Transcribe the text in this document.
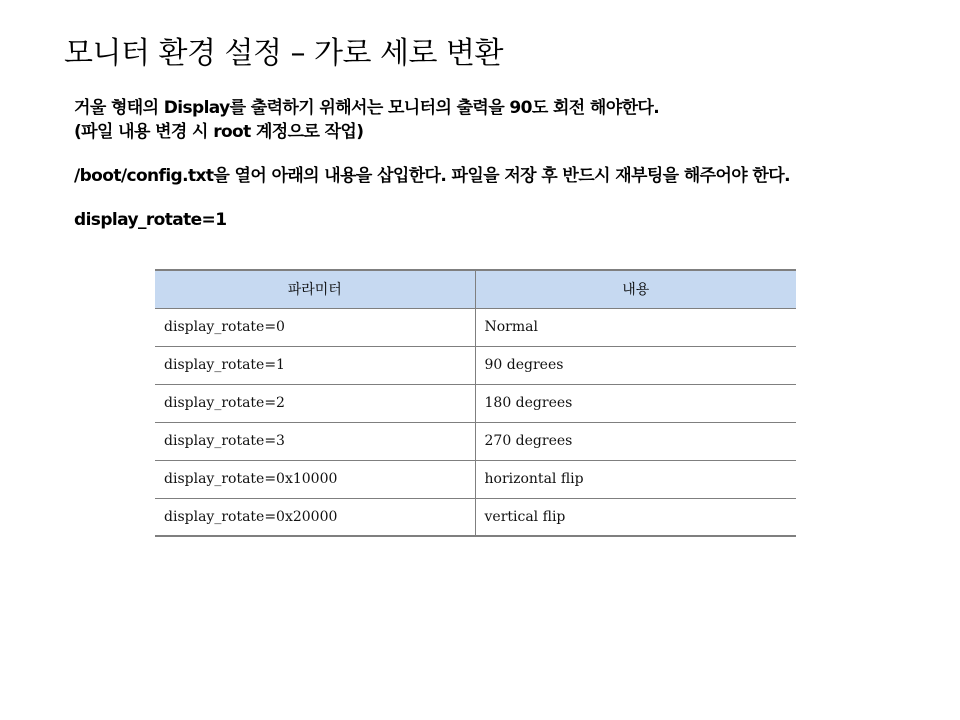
모니터 환경 설정 – 가로 세로 변환
거울 형태의 Display를 출력하기 위해서는 모니터의 출력을 90도 회전 해야한다.
(파일 내용 변경 시 root 계정으로 작업)
/boot/config.txt을 열어 아래의 내용을 삽입한다. 파일을 저장 후 반드시 재부팅을 해주어야 한다.
display_rotate=1
파라미터	내용
display_rotate=0	Normal
display_rotate=1	90 degrees
display_rotate=2	180 degrees
display_rotate=3	270 degrees
display_rotate=0x10000	horizontal flip
display_rotate=0x20000	vertical flip
